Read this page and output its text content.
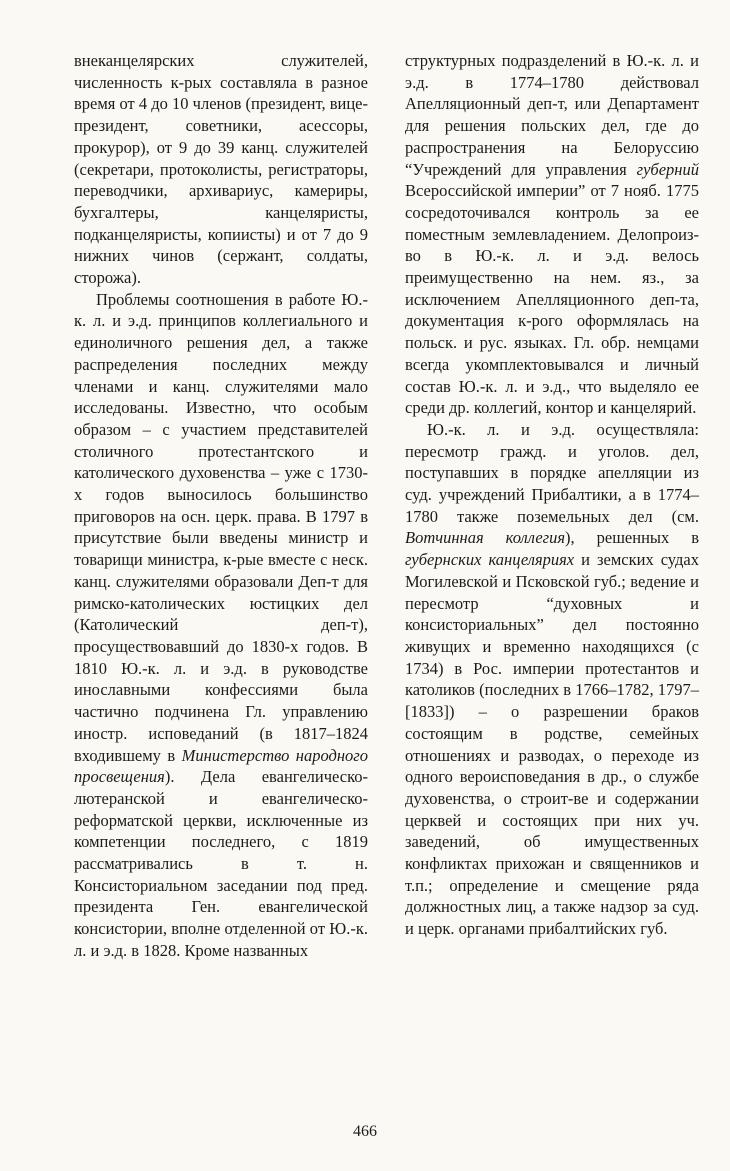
внеканцелярских служителей, численность к-рых составляла в разное время от 4 до 10 членов (президент, вице-президент, советники, асессоры, прокурор), от 9 до 39 канц. служителей (секретари, протоколисты, регистраторы, переводчики, архивариус, камериры, бухгалтеры, канцеляристы, подканцеляристы, копиисты) и от 7 до 9 нижних чинов (сержант, солдаты, сторожа).

Проблемы соотношения в работе Ю.-к. л. и э.д. принципов коллегиального и единоличного решения дел, а также распределения последних между членами и канц. служителями мало исследованы. Известно, что особым образом – с участием представителей столичного протестантского и католического духовенства – уже с 1730-х годов выносилось большинство приговоров на осн. церк. права. В 1797 в присутствие были введены министр и товарищи министра, к-рые вместе с неск. канц. служителями образовали Деп-т для римско-католических юстицких дел (Католический деп-т), просуществовавший до 1830-х годов. В 1810 Ю.-к. л. и э.д. в руководстве инославными конфессиями была частично подчинена Гл. управлению иностр. исповеданий (в 1817–1824 входившему в Министерство народного просвещения). Дела евангелическо-лютеранской и евангелическо-реформатской церкви, исключенные из компетенции последнего, с 1819 рассматривались в т. н. Консисториальном заседании под пред. президента Ген. евангелической консистории, вполне отделенной от Ю.-к. л. и э.д. в 1828. Кроме названных

структурных подразделений в Ю.-к. л. и э.д. в 1774–1780 действовал Апелляционный деп-т, или Департамент для решения польских дел, где до распространения на Белоруссию “Учреждений для управления губерний Всероссийской империи” от 7 нояб. 1775 сосредоточивался контроль за ее поместным землевладением. Делопроиз-во в Ю.-к. л. и э.д. велось преимущественно на нем. яз., за исключением Апелляционного деп-та, документация к-рого оформлялась на польск. и рус. языках. Гл. обр. немцами всегда укомплектовывался и личный состав Ю.-к. л. и э.д., что выделяло ее среди др. коллегий, контор и канцелярий.

Ю.-к. л. и э.д. осуществляла: пересмотр гражд. и уголов. дел, поступавших в порядке апелляции из суд. учреждений Прибалтики, а в 1774–1780 также поземельных дел (см. Вотчинная коллегия), решенных в губернских канцеляриях и земских судах Могилевской и Псковской губ.; ведение и пересмотр “духовных и консисториальных” дел постоянно живущих и временно находящихся (с 1734) в Рос. империи протестантов и католиков (последних в 1766–1782, 1797–[1833]) – о разрешении браков состоящим в родстве, семейных отношениях и разводах, о переходе из одного вероисповедания в др., о службе духовенства, о строит-ве и содержании церквей и состоящих при них уч. заведений, об имущественных конфликтах прихожан и священников и т.п.; определение и смещение ряда должностных лиц, а также надзор за суд. и церк. органами прибалтийских губ.

466
